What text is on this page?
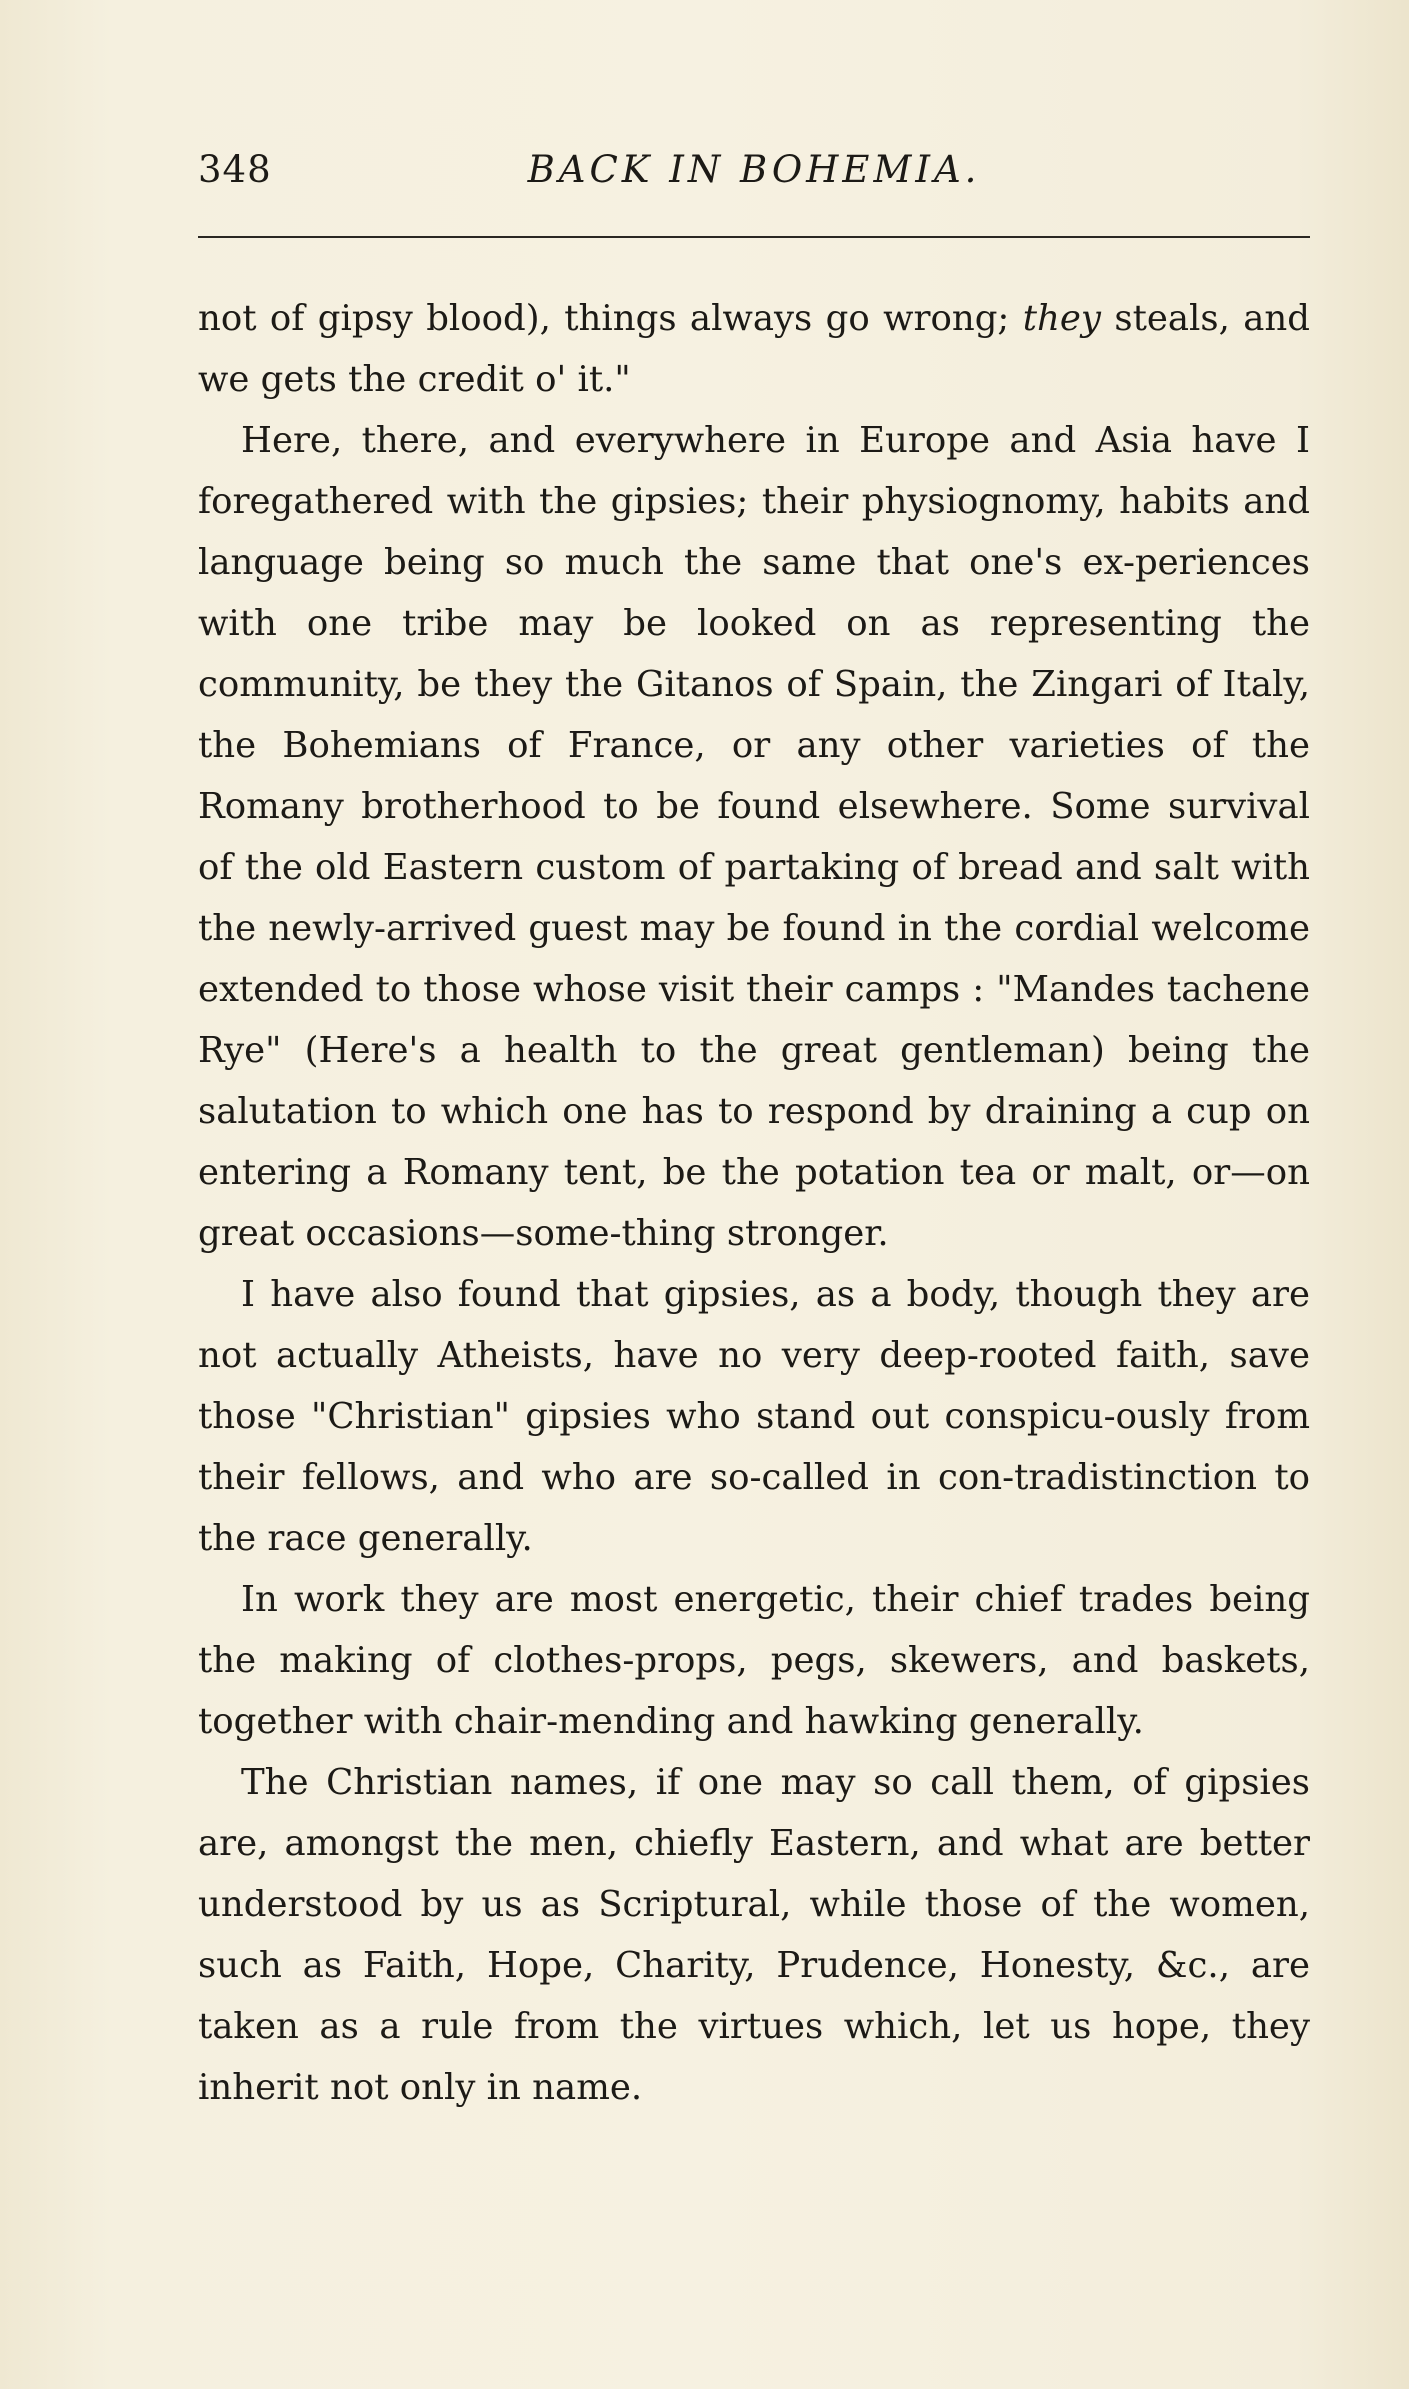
348	BACK IN BOHEMIA.

not of gipsy blood), things always go wrong; they steals, and we gets the credit o' it."

Here, there, and everywhere in Europe and Asia have I foregathered with the gipsies; their physiognomy, habits and language being so much the same that one's ex-periences with one tribe may be looked on as representing the community, be they the Gitanos of Spain, the Zingari of Italy, the Bohemians of France, or any other varieties of the Romany brotherhood to be found elsewhere. Some survival of the old Eastern custom of partaking of bread and salt with the newly-arrived guest may be found in the cordial welcome extended to those whose visit their camps : "Mandes tachene Rye" (Here's a health to the great gentleman) being the salutation to which one has to respond by draining a cup on entering a Romany tent, be the potation tea or malt, or—on great occasions—some-thing stronger.

I have also found that gipsies, as a body, though they are not actually Atheists, have no very deep-rooted faith, save those "Christian" gipsies who stand out conspicu-ously from their fellows, and who are so-called in con-tradistinction to the race generally.

In work they are most energetic, their chief trades being the making of clothes-props, pegs, skewers, and baskets, together with chair-mending and hawking generally.

The Christian names, if one may so call them, of gipsies are, amongst the men, chiefly Eastern, and what are better understood by us as Scriptural, while those of the women, such as Faith, Hope, Charity, Prudence, Honesty, &c., are taken as a rule from the virtues which, let us hope, they inherit not only in name.
